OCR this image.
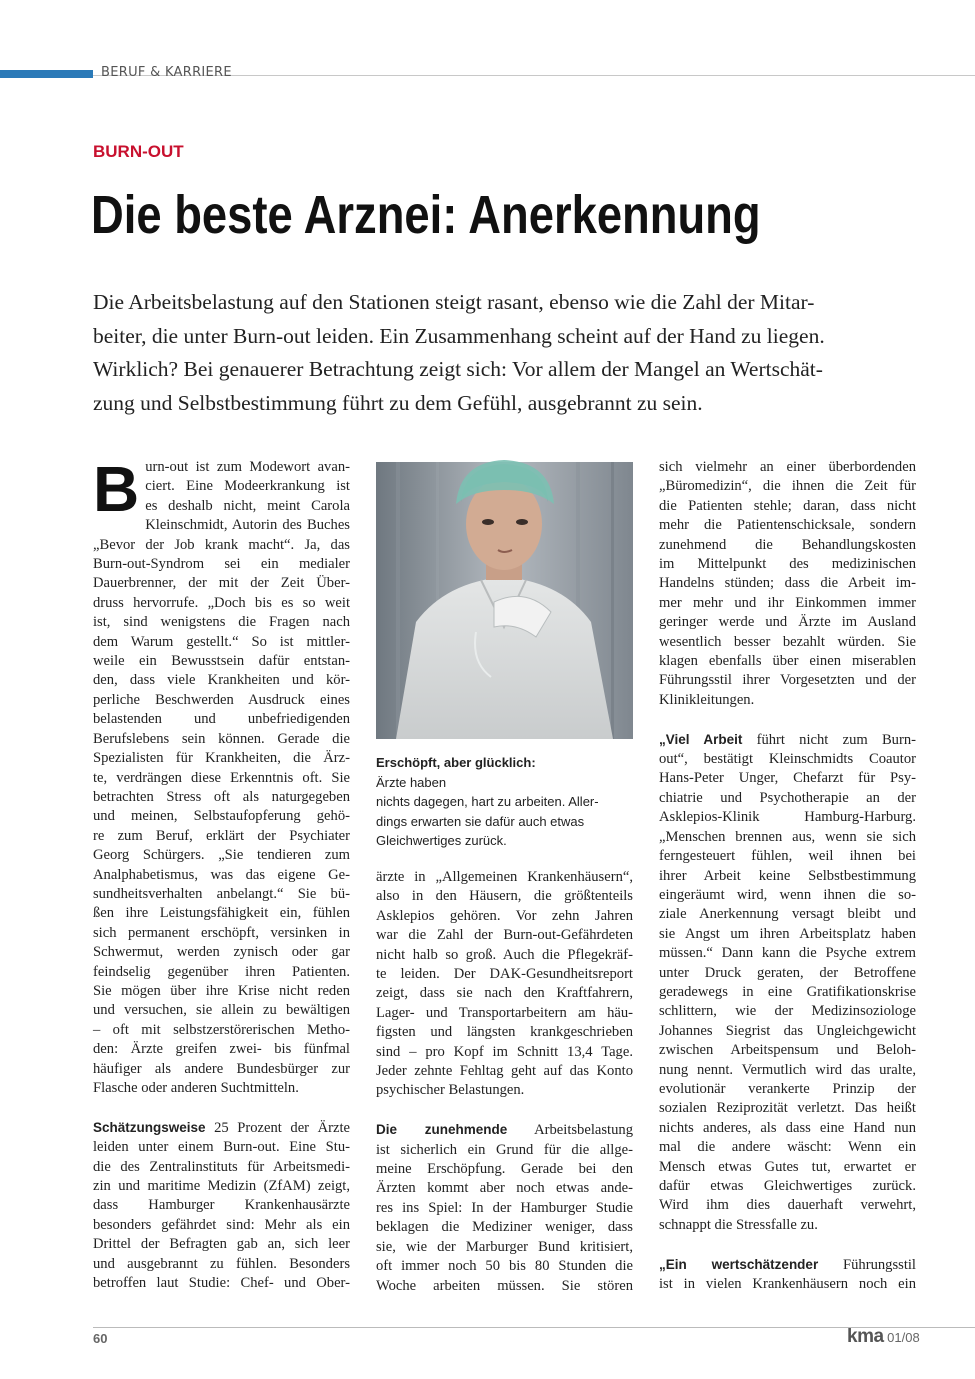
BERUF & KARRIERE
BURN-OUT
Die beste Arznei: Anerkennung
Die Arbeitsbelastung auf den Stationen steigt rasant, ebenso wie die Zahl der Mitar-
beiter, die unter Burn-out leiden. Ein Zusammenhang scheint auf der Hand zu liegen.
Wirklich? Bei genauerer Betrachtung zeigt sich: Vor allem der Mangel an Wertschät-
zung und Selbstbestimmung führt zu dem Gefühl, ausgebrannt zu sein.
B urn-out ist zum Modewort avan-
ciert. Eine Modeerkrankung ist
es deshalb nicht, meint Carola
Kleinschmidt, Autorin des Buches
„Bevor der Job krank macht“. Ja, das
Burn-out-Syndrom sei ein medialer
Dauerbrenner, der mit der Zeit Über-
druss hervorrufe. „Doch bis es so weit
ist, sind wenigstens die Fragen nach
dem Warum gestellt.“ So ist mittler-
weile ein Bewusstsein dafür entstan-
den, dass viele Krankheiten und kör-
perliche Beschwerden Ausdruck eines
belastenden und unbefriedigenden
Berufslebens sein können. Gerade die
Spezialisten für Krankheiten, die Ärz-
te, verdrängen diese Erkenntnis oft. Sie
betrachten Stress oft als naturgegeben
und meinen, Selbstaufopferung gehö-
re zum Beruf, erklärt der Psychiater
Georg Schürgers. „Sie tendieren zum
Analphabetismus, was das eigene Ge-
sundheitsverhalten anbelangt.“ Sie bü-
ßen ihre Leistungsfähigkeit ein, fühlen
sich permanent erschöpft, versinken in
Schwermut, werden zynisch oder gar
feindselig gegenüber ihren Patienten.
Sie mögen über ihre Krise nicht reden
und versuchen, sie allein zu bewältigen
– oft mit selbstzerstörerischen Metho-
den: Ärzte greifen zwei- bis fünfmal
häufiger als andere Bundesbürger zur
Flasche oder anderen Suchtmitteln.
Schätzungsweise 25 Prozent der Ärzte
leiden unter einem Burn-out. Eine Stu-
die des Zentralinstituts für Arbeitsmedi-
zin und maritime Medizin (ZfAM) zeigt,
dass Hamburger Krankenhausärzte
besonders gefährdet sind: Mehr als ein
Drittel der Befragten gab an, sich leer
und ausgebrannt zu fühlen. Besonders
betroffen laut Studie: Chef- und Ober-
Erschöpft, aber glücklich:
Ärzte haben
nichts dagegen, hart zu arbeiten. Aller-
dings erwarten sie dafür auch etwas
Gleichwertiges zurück.
ärzte in „Allgemeinen Krankenhäusern“,
also in den Häusern, die größtenteils
Asklepios gehören. Vor zehn Jahren
war die Zahl der Burn-out-Gefährdeten
nicht halb so groß. Auch die Pflegekräf-
te leiden. Der DAK-Gesundheitsreport
zeigt, dass sie nach den Kraftfahrern,
Lager- und Transportarbeitern am häu-
figsten und längsten krankgeschrieben
sind – pro Kopf im Schnitt 13,4 Tage.
Jeder zehnte Fehltag geht auf das Konto
psychischer Belastungen.
Die zunehmende Arbeitsbelastung
ist sicherlich ein Grund für die allge-
meine Erschöpfung. Gerade bei den
Ärzten kommt aber noch etwas ande-
res ins Spiel: In der Hamburger Studie
beklagen die Mediziner weniger, dass
sie, wie der Marburger Bund kritisiert,
oft immer noch 50 bis 80 Stunden die
Woche arbeiten müssen. Sie stören
sich vielmehr an einer überbordenden
„Büromedizin“, die ihnen die Zeit für
die Patienten stehle; daran, dass nicht
mehr die Patientenschicksale, sondern
zunehmend die Behandlungskosten
im Mittelpunkt des medizinischen
Handelns stünden; dass die Arbeit im-
mer mehr und ihr Einkommen immer
geringer werde und Ärzte im Ausland
wesentlich besser bezahlt würden. Sie
klagen ebenfalls über einen miserablen
Führungsstil ihrer Vorgesetzten und der
Klinikleitungen.
„Viel Arbeit führt nicht zum Burn-
out“, bestätigt Kleinschmidts Coautor
Hans-Peter Unger, Chefarzt für Psy-
chiatrie und Psychotherapie an der
Asklepios-Klinik Hamburg-Harburg.
„Menschen brennen aus, wenn sie sich
ferngesteuert fühlen, weil ihnen bei
ihrer Arbeit keine Selbstbestimmung
eingeräumt wird, wenn ihnen die so-
ziale Anerkennung versagt bleibt und
sie Angst um ihren Arbeitsplatz haben
müssen.“ Dann kann die Psyche extrem
unter Druck geraten, der Betroffene
geradewegs in eine Gratifikationskrise
schlittern, wie der Medizinsoziologe
Johannes Siegrist das Ungleichgewicht
zwischen Arbeitspensum und Beloh-
nung nennt. Vermutlich wird das uralte,
evolutionär verankerte Prinzip der
sozialen Reziprozität verletzt. Das heißt
nichts anderes, als dass eine Hand nun
mal die andere wäscht: Wenn ein
Mensch etwas Gutes tut, erwartet er
dafür etwas Gleichwertiges zurück.
Wird ihm dies dauerhaft verwehrt,
schnappt die Stressfalle zu.
„Ein wertschätzender Führungsstil
ist in vielen Krankenhäusern noch ein
60	kma 01/08
